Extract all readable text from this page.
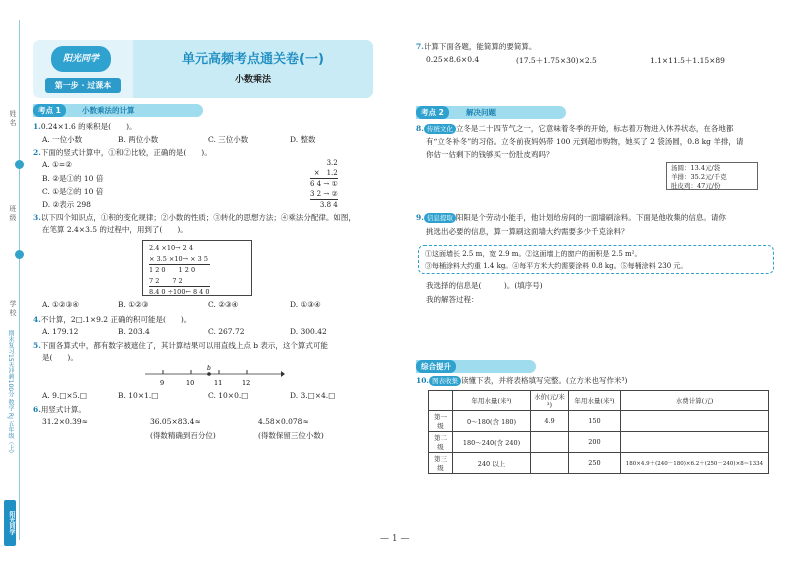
姓名
班级
学校
期末复习15天冲刺100分 数学 RJ 五年级（上）
阳光同学
阳光同学
第一步 · 过课本
单元高频考点通关卷(一)
小数乘法
考点 1	小数乘法的计算
1.0.24×1.6 的乘积是(　　)。
A. 一位小数	B. 两位小数	C. 三位小数	D. 整数
2.下面的竖式计算中，①和②比较，正确的是(　　)。
A. ①=②
B. ②是①的 10 倍
C. ①是②的 10 倍
D. ②表示 298
3.2
×　1.2
6 4 → ①
3 2 → ②
3.8 4
3.以下四个知识点，①积的变化规律；②小数的性质；③转化的思想方法；④乘法分配律。如图，
在笔算 2.4×3.5 的过程中，用到了(　　)。
2.4 ×10→ 2 4
× 3.5 ×10→ × 3 5
1 2 0　　1 2 0
7 2　　7 2
8.4 0 ÷100← 8 4 0
A. ①②③④	B. ①②③	C. ②③④	D. ①③④
4.不计算，2□.1×9.2 正确的积可能是(　　)。
A. 179.12	B. 203.4	C. 267.72	D. 300.42
5.下面各算式中，都有数字被遮住了，其计算结果可以用直线上点 b 表示，这个算式可能
是(　　)。
b
9	10	11	12
A. 9.□×5.□	B. 10×1.□	C. 10×0.□	D. 3.□×4.□
6.用竖式计算。
31.2×0.39≈	36.05×83.4≈	4.58×0.078≈
(得数精确到百分位)	(得数保留三位小数)
7.计算下面各题，能简算的要简算。
0.25×8.6×0.4	(17.5＋1.75×30)×2.5	1.1×11.5＋1.15×89
考点 2	解决问题
8. 传统文化 立冬是二十四节气之一，它意味着冬季的开始，标志着万物进入休养状态，在各地都
有“立冬补冬”的习俗。立冬前夜妈妈带 100 元到超市购物，她买了 2 袋汤圆，0.8 kg 羊排，请
你估一估剩下的钱够买一份肚皮鸡吗？
汤圆：13.4元/袋
羊排：35.2元/千克
肚皮鸡：47元/份
9. 信息提取 阳阳是个劳动小能手，他计划给房间的一面墙刷涂料。下面是他收集的信息。请你
挑选出必要的信息，算一算刷这面墙大约需要多少千克涂料？
①这面墙长 2.5 m，宽 2.9 m。②这面墙上的窗户的面积是 2.5 m²。
③每桶涂料大约重 1.4 kg。④每平方米大约需要涂料 0.8 kg。⑤每桶涂料 230 元。
我选择的信息是(　　　)。(填序号)
我的解答过程：
综合提升
10. 图表收集 读懂下表，并将表格填写完整。(立方米也写作米³)
	年用水量(米³)	水价(元/米³)	年用水量(米³)	水费计算(元)
第一级	0～180(含 180)	4.9	150	
第二级	180～240(含 240)		200	
第三级	240 以上		250	180×4.9＋(240－180)×6.2＋(250－240)×8＝1334
— 1 —
